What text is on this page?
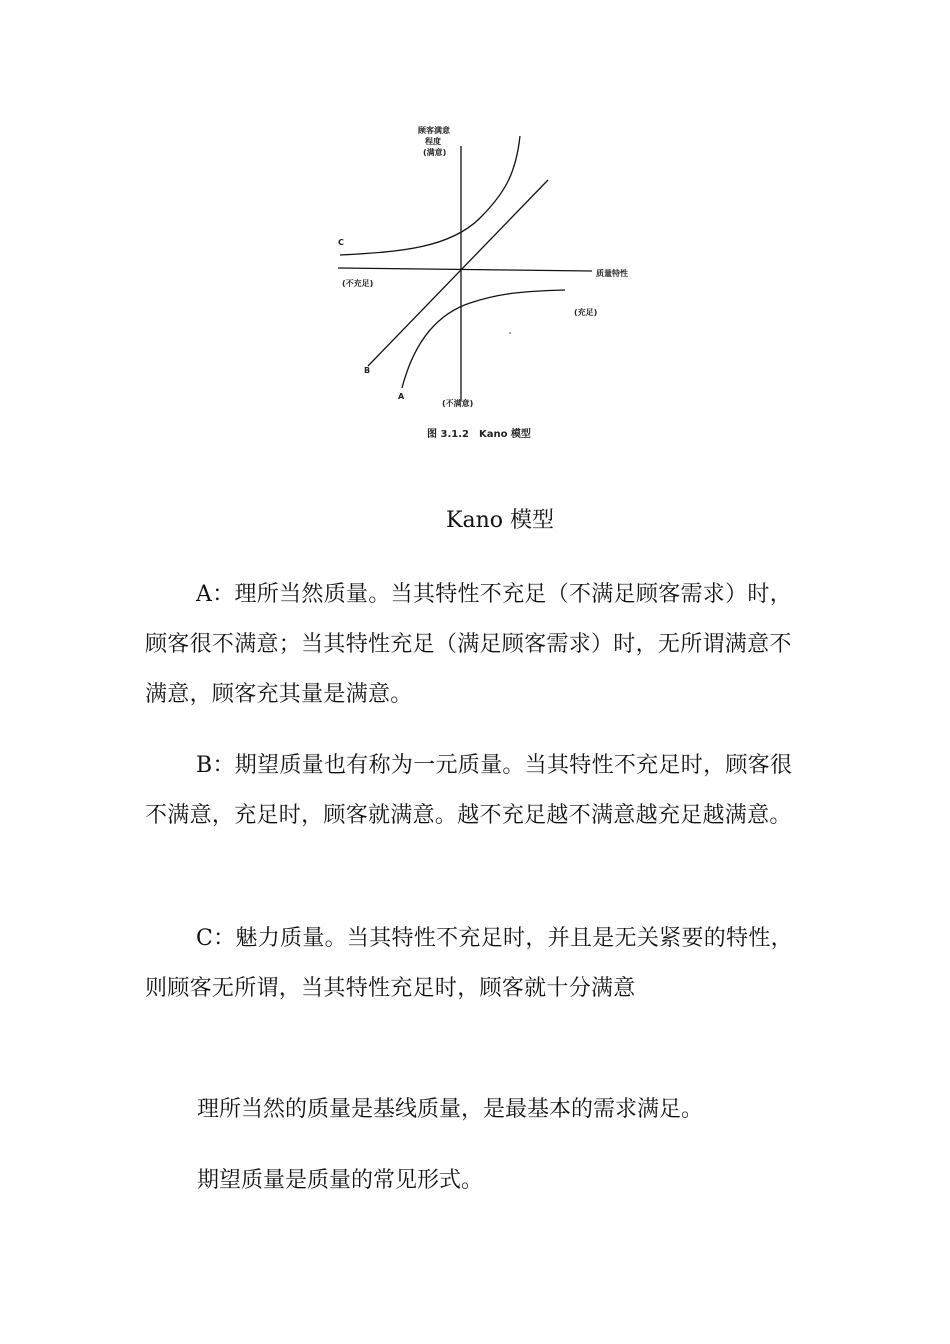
顾客满意
程度
(满意)
C
质量特性
(不充足)
(充足)
B
A
(不满意)
图 3.1.2　Kano 模型
Kano 模型

A：理所当然质量。当其特性不充足（不满足顾客需求）时，顾客很不满意；当其特性充足（满足顾客需求）时，无所谓满意不满意，顾客充其量是满意。

B：期望质量也有称为一元质量。当其特性不充足时，顾客很不满意，充足时，顾客就满意。越不充足越不满意越充足越满意。

C：魅力质量。当其特性不充足时，并且是无关紧要的特性，则顾客无所谓，当其特性充足时，顾客就十分满意

理所当然的质量是基线质量，是最基本的需求满足。
期望质量是质量的常见形式。
